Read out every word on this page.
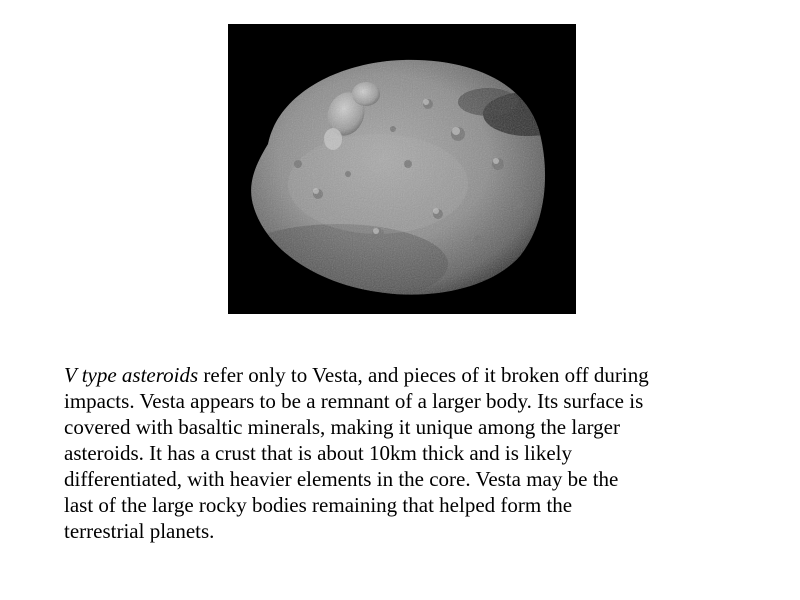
V type asteroids refer only to Vesta, and pieces of it broken off during
impacts. Vesta appears to be a remnant of a larger body. Its surface is
covered with basaltic minerals, making it unique among the larger
asteroids. It has a crust that is about 10km thick and is likely
differentiated, with heavier elements in the core. Vesta may be the
last of the large rocky bodies remaining that helped form the
terrestrial planets.
